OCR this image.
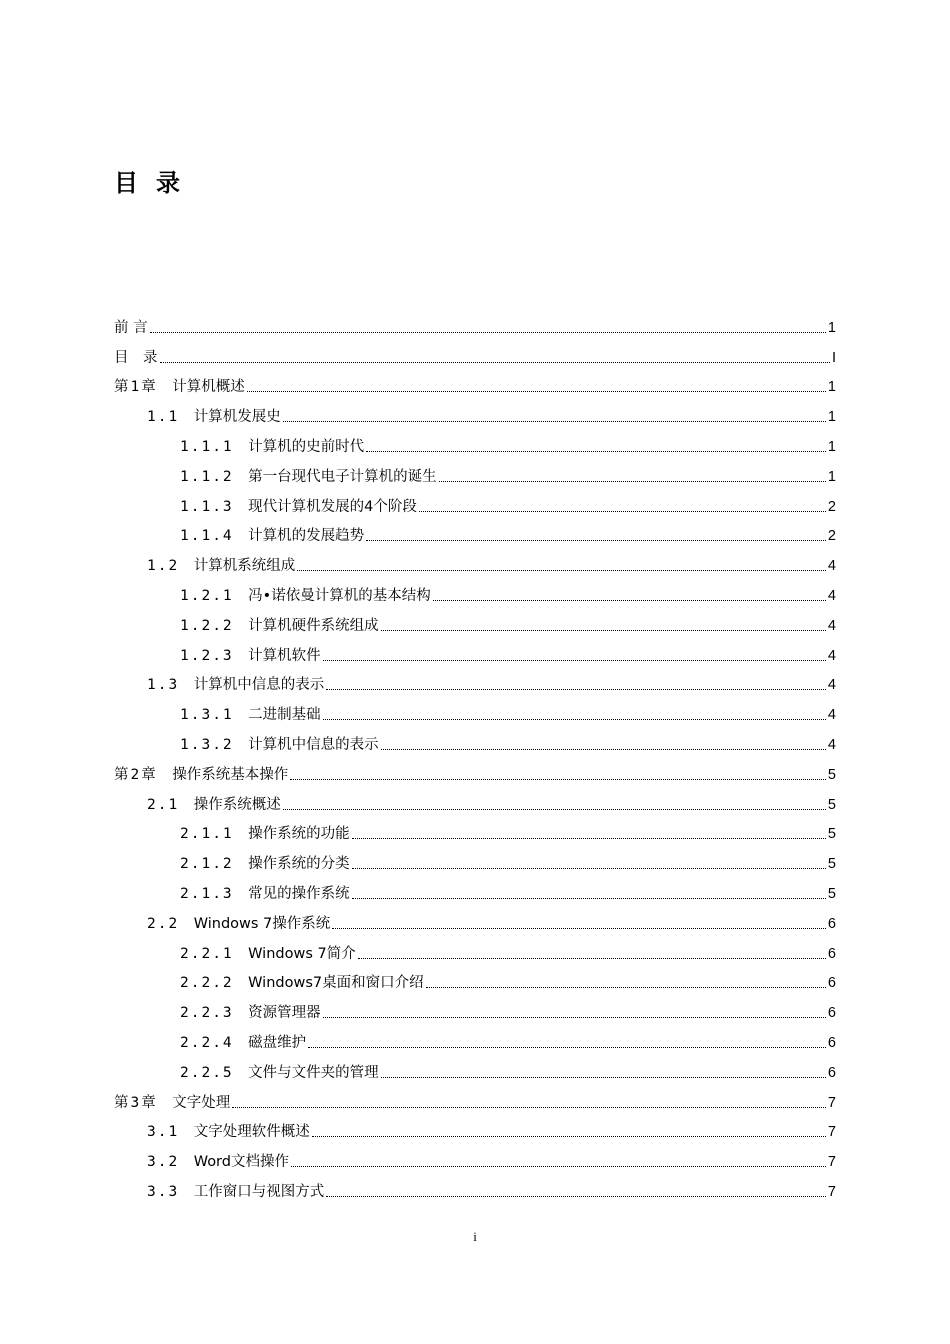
目录
前 言	1
目　录	I
第1章  计算机概述	1
1.1  计算机发展史	1
1.1.1  计算机的史前时代	1
1.1.2  第一台现代电子计算机的诞生	1
1.1.3  现代计算机发展的4个阶段	2
1.1.4  计算机的发展趋势	2
1.2  计算机系统组成	4
1.2.1  冯•诺依曼计算机的基本结构	4
1.2.2  计算机硬件系统组成	4
1.2.3  计算机软件	4
1.3  计算机中信息的表示	4
1.3.1  二进制基础	4
1.3.2  计算机中信息的表示	4
第2章  操作系统基本操作	5
2.1  操作系统概述	5
2.1.1  操作系统的功能	5
2.1.2  操作系统的分类	5
2.1.3  常见的操作系统	5
2.2  Windows 7操作系统	6
2.2.1  Windows 7简介	6
2.2.2  Windows7桌面和窗口介绍	6
2.2.3  资源管理器	6
2.2.4  磁盘维护	6
2.2.5  文件与文件夹的管理	6
第3章  文字处理	7
3.1  文字处理软件概述	7
3.2  Word文档操作	7
3.3  工作窗口与视图方式	7
i
